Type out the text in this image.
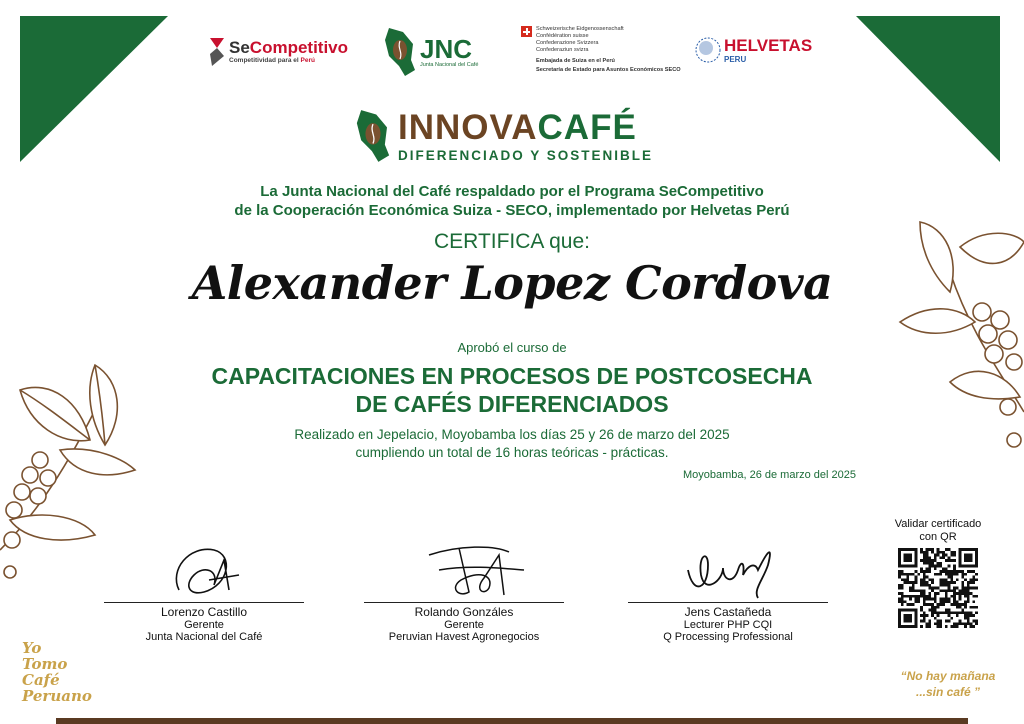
SeCompetitivo
Competitividad para el Perú	JNC
Junta Nacional del Café
Schweizerische Eidgenossenschaft
Confédération suisse
Confederazione Svizzera
Confederaziun svizra
Embajada de Suiza en el Perú
Secretaría de Estado para Asuntos Económicos SECO
HELVETAS
PERU
INNOVACAFÉ
DIFERENCIADO Y SOSTENIBLE
La Junta Nacional del Café respaldado por el Programa SeCompetitivo
de la Cooperación Económica Suiza - SECO, implementado por Helvetas Perú
CERTIFICA que:
Alexander Lopez Cordova
Aprobó el curso de
CAPACITACIONES EN PROCESOS DE POSTCOSECHA
DE CAFÉS DIFERENCIADOS
Realizado en Jepelacio, Moyobamba los días 25 y 26 de marzo del 2025
cumpliendo un total de 16 horas teóricas - prácticas.
Moyobamba, 26 de marzo del 2025
Validar certificado
con QR
Lorenzo Castillo
Gerente
Junta Nacional del Café
Rolando Gonzáles
Gerente
Peruvian Havest Agronegocios
Jens Castañeda
Lecturer PHP CQI
Q Processing Professional
Yo Tomo
Café
Peruano
“No hay mañana
...sin café ”
